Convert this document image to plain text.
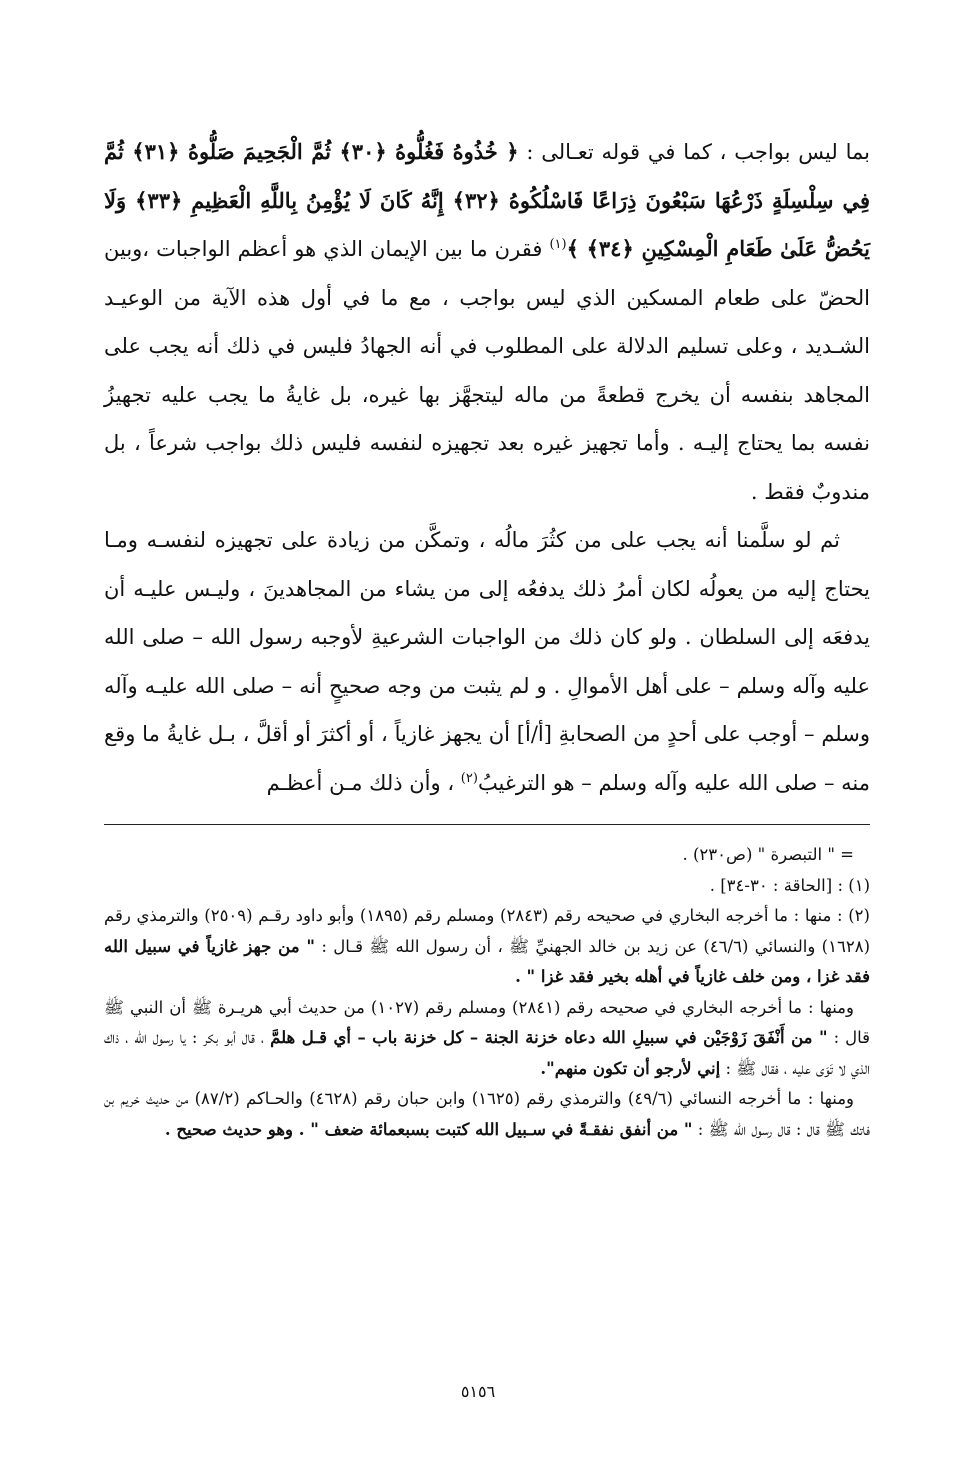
بما ليس بواجب ، كما في قوله تعـالى : ﴿ خُذُوهُ فَغُلُّوهُ ﴿٣٠﴾ ثُمَّ الْجَحِيمَ صَلُّوهُ ﴿٣١﴾ ثُمَّ فِي سِلْسِلَةٍ ذَرْعُهَا سَبْعُونَ ذِرَاعًا فَاسْلُكُوهُ ﴿٣٢﴾ إِنَّهُ كَانَ لَا يُؤْمِنُ بِاللَّهِ الْعَظِيمِ ﴿٣٣﴾ وَلَا يَحُضُّ عَلَىٰ طَعَامِ الْمِسْكِينِ ﴿٣٤﴾ ﴾$^{(١)}$ فقرن ما بين الإيمان الذي هو أعظم الواجبات ،وبين الحضّ على طعام المسكين الذي ليس بواجب ، مع ما في أول هذه الآية من الوعيـد الشـديد ، وعلى تسليم الدلالة على المطلوب في أنه الجهادُ فليس في ذلك أنه يجب على المجاهد بنفسه أن يخرج قطعةً من ماله ليتجهَّز بها غيره، بل غايةُ ما يجب عليه تجهيزُ نفسه بما يحتاج إليـه . وأما تجهيز غيره بعد تجهيزه لنفسه فليس ذلك بواجب شرعاً ، بل مندوبٌ فقط .

ثم لو سلَّمنا أنه يجب على من كثُرَ مالُه ، وتمكَّن من زيادة على تجهيزه لنفسـه ومـا يحتاج إليه من يعولُه لكان أمرُ ذلك يدفعُه إلى من يشاء من المجاهدينَ ، وليـس عليـه أن يدفعَه إلى السلطان . ولو كان ذلك من الواجبات الشرعيةِ لأوجبه رسول الله – صلى الله عليه وآله وسلم – على أهل الأموالِ . و لم يثبت من وجه صحيحٍ أنه – صلى الله عليـه وآله وسلم – أوجب على أحدٍ من الصحابةِ [أ/أ] أن يجهز غازياً ، أو أكثرَ أو أقلَّ ، بـل غايةُ ما وقع منه – صلى الله عليه وآله وسلم – هو الترغيبُ$^{(٢)}$ ، وأن ذلك مـن أعظـم

= " التبصرة " (ص٢٣٠) .

(١) : [الحاقة : ٣٠-٣٤] .

(٢) : منها : ما أخرجه البخاري في صحيحه رقم (٢٨٤٣) ومسلم رقم (١٨٩٥) وأبو داود رقـم (٢٥٠٩) والترمذي رقم (١٦٢٨) والنسائي (٤٦/٦) عن زيد بن خالد الجهنيِّ ﷺ ، أن رسول الله ﷺ قـال : " من جهز غازياً في سبيل الله فقد غزا ، ومن خلف غازياً في أهله بخير فقد غزا " .

ومنها : ما أخرجه البخاري في صحيحه رقم (٢٨٤١) ومسلم رقم (١٠٢٧) من حديث أبي هريـرة ﷺ أن النبي ﷺ قال : " من أَنْفَقَ زَوْجَيْن في سبيلِ الله دعاه خزنة الجنة – كل خزنة باب – أي قـل هلمَّ ، قال أبو بكر : يا رسول الله ، ذاك الذي لا تَوَى عليه ، فقال ﷺ : إني لأرجو أن تكون منهم".

ومنها : ما أخرجه النسائي (٤٩/٦) والترمذي رقم (١٦٢٥) وابن حبان رقم (٤٦٢٨) والحـاكم (٨٧/٢) من حديث خريم بن فاتك ﷺ قال : قال رسول الله ﷺ : " من أنفق نفقـةً في سـبيل الله كتبت بسبعمائة ضعف " . وهو حديث صحيح .

٥١٥٦
